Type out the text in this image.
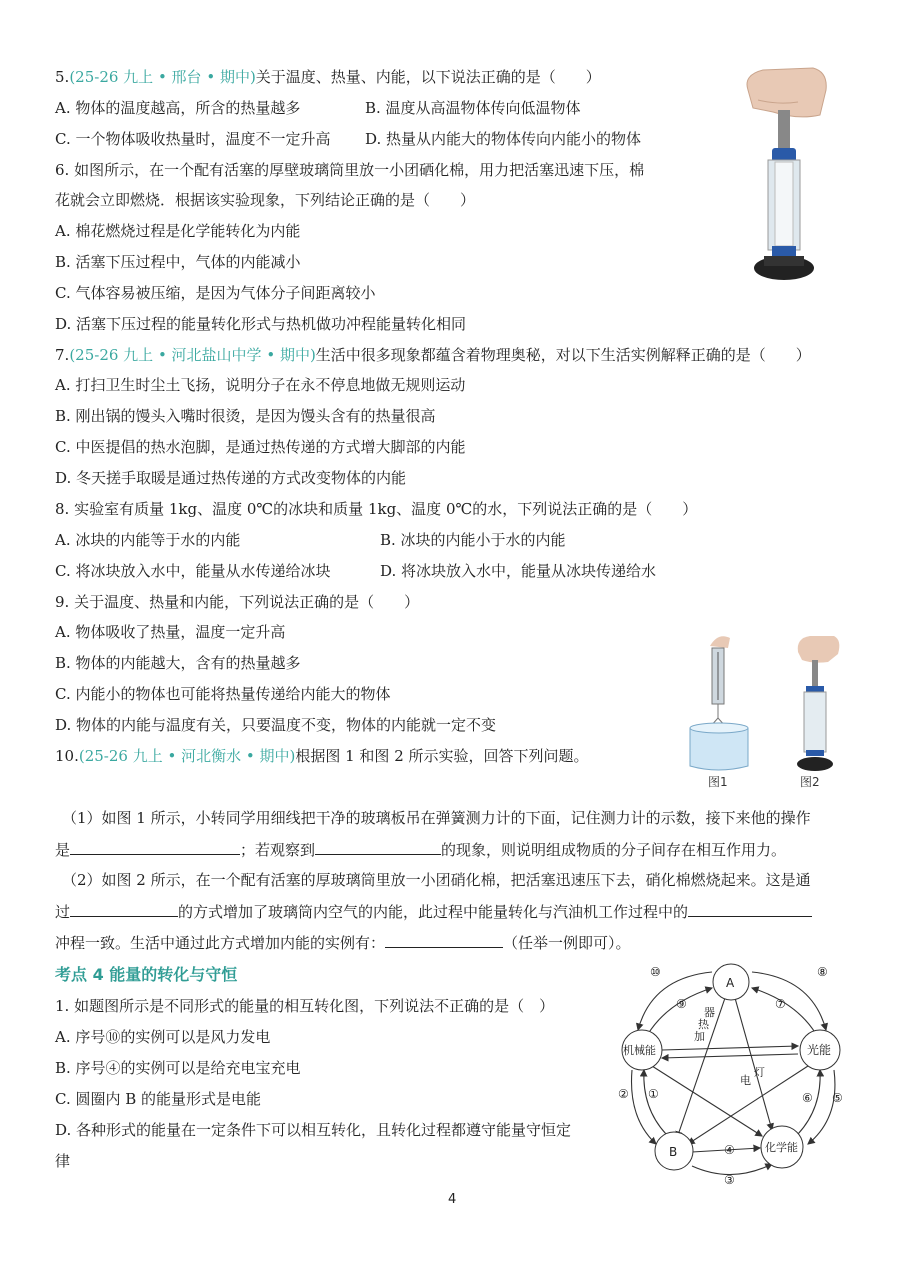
5.(25-26 九上 • 邢台 • 期中)关于温度、热量、内能，以下说法正确的是（　　）
A. 物体的温度越高，所含的热量越多	B. 温度从高温物体传向低温物体
C. 一个物体吸收热量时，温度不一定升高 D. 热量从内能大的物体传向内能小的物体
6. 如图所示，在一个配有活塞的厚壁玻璃筒里放一小团硒化棉，用力把活塞迅速下压，棉
花就会立即燃烧．根据该实验现象，下列结论正确的是（　　）
A. 棉花燃烧过程是化学能转化为内能
B. 活塞下压过程中，气体的内能减小
C. 气体容易被压缩，是因为气体分子间距离较小
D. 活塞下压过程的能量转化形式与热机做功冲程能量转化相同
7.(25-26 九上 • 河北盐山中学 • 期中)生活中很多现象都蕴含着物理奥秘，对以下生活实例解释正确的是（　　）
A. 打扫卫生时尘土飞扬，说明分子在永不停息地做无规则运动
B. 刚出锅的馒头入嘴时很烫，是因为馒头含有的热量很高
C. 中医提倡的热水泡脚，是通过热传递的方式增大脚部的内能
D. 冬天搓手取暖是通过热传递的方式改变物体的内能
8. 实验室有质量 1kg、温度 0℃的冰块和质量 1kg、温度 0℃的水，下列说法正确的是（　　）
A. 冰块的内能等于水的内能	B. 冰块的内能小于水的内能
C. 将冰块放入水中，能量从水传递给冰块	D. 将冰块放入水中，能量从冰块传递给水
9. 关于温度、热量和内能，下列说法正确的是（　　）
A. 物体吸收了热量，温度一定升高
B. 物体的内能越大，含有的热量越多
C. 内能小的物体也可能将热量传递给内能大的物体
D. 物体的内能与温度有关，只要温度不变，物体的内能就一定不变
10.(25-26 九上 • 河北衡水 • 期中)根据图 1 和图 2 所示实验，回答下列问题。
图1	图2
（1）如图 1 所示，小转同学用细线把干净的玻璃板吊在弹簧测力计的下面，记住测力计的示数，接下来他的操作
是	；若观察到	的现象，则说明组成物质的分子间存在相互作用力。
（2）如图 2 所示，在一个配有活塞的厚玻璃筒里放一小团硝化棉，把活塞迅速压下去，硝化棉燃烧起来。这是通
过	的方式增加了玻璃筒内空气的内能，此过程中能量转化与汽油机工作过程中的
冲程一致。生活中通过此方式增加内能的实例有：	（任举一例即可）。
考点 4 能量的转化与守恒
1. 如题图所示是不同形式的能量的相互转化图，下列说法不正确的是（　）
A. 序号⑩的实例可以是风力发电
B. 序号④的实例可以是给充电宝充电
C. 圆圈内 B 的能量形式是电能
D. 各种形式的能量在一定条件下可以相互转化，且转化过程都遵守能量守恒定
律
A
机械能	光能
B	化学能
⑩
⑨
⑧
⑦
①
②	⑥ ⑤
④
③
器
热
加
灯
电
4
